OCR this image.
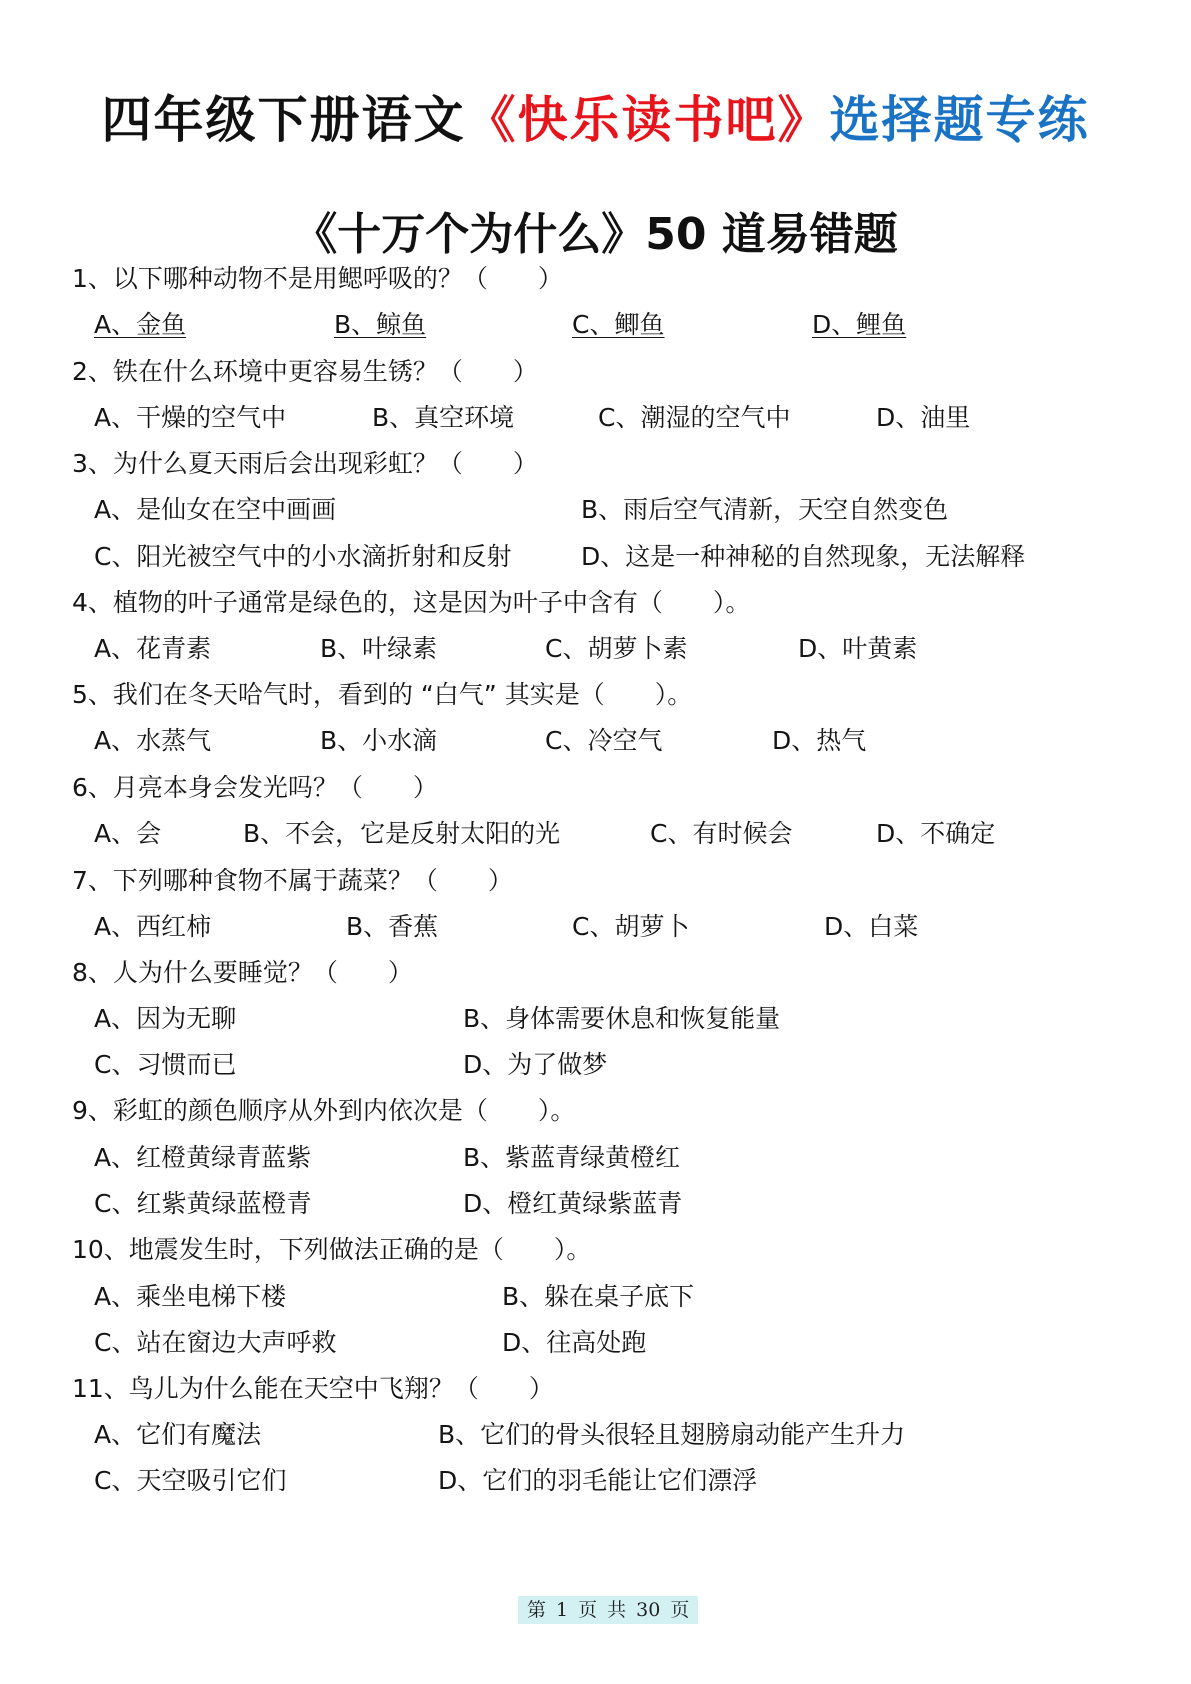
四年级下册语文《快乐读书吧》选择题专练
《十万个为什么》50 道易错题
1、以下哪种动物不是用鳃呼吸的？（　　）
A、金鱼	B、鲸鱼	C、鲫鱼	D、鲤鱼
2、铁在什么环境中更容易生锈？（　　）
A、干燥的空气中	B、真空环境	C、潮湿的空气中	D、油里
3、为什么夏天雨后会出现彩虹？（　　）
A、是仙女在空中画画	B、雨后空气清新，天空自然变色
C、阳光被空气中的小水滴折射和反射	D、这是一种神秘的自然现象，无法解释
4、植物的叶子通常是绿色的，这是因为叶子中含有（　　）。
A、花青素	B、叶绿素	C、胡萝卜素	D、叶黄素
5、我们在冬天哈气时，看到的 “白气” 其实是（　　）。
A、水蒸气	B、小水滴	C、冷空气	D、热气
6、月亮本身会发光吗？（　　）
A、会	B、不会，它是反射太阳的光	C、有时候会	D、不确定
7、下列哪种食物不属于蔬菜？（　　）
A、西红柿	B、香蕉	C、胡萝卜	D、白菜
8、人为什么要睡觉？（　　）
A、因为无聊	B、身体需要休息和恢复能量
C、习惯而已	D、为了做梦
9、彩虹的颜色顺序从外到内依次是（　　）。
A、红橙黄绿青蓝紫	B、紫蓝青绿黄橙红
C、红紫黄绿蓝橙青	D、橙红黄绿紫蓝青
10、地震发生时，下列做法正确的是（　　）。
A、乘坐电梯下楼	B、躲在桌子底下
C、站在窗边大声呼救	D、往高处跑
11、鸟儿为什么能在天空中飞翔？（　　）
A、它们有魔法	B、它们的骨头很轻且翅膀扇动能产生升力
C、天空吸引它们	D、它们的羽毛能让它们漂浮
第 1 页 共 30 页
